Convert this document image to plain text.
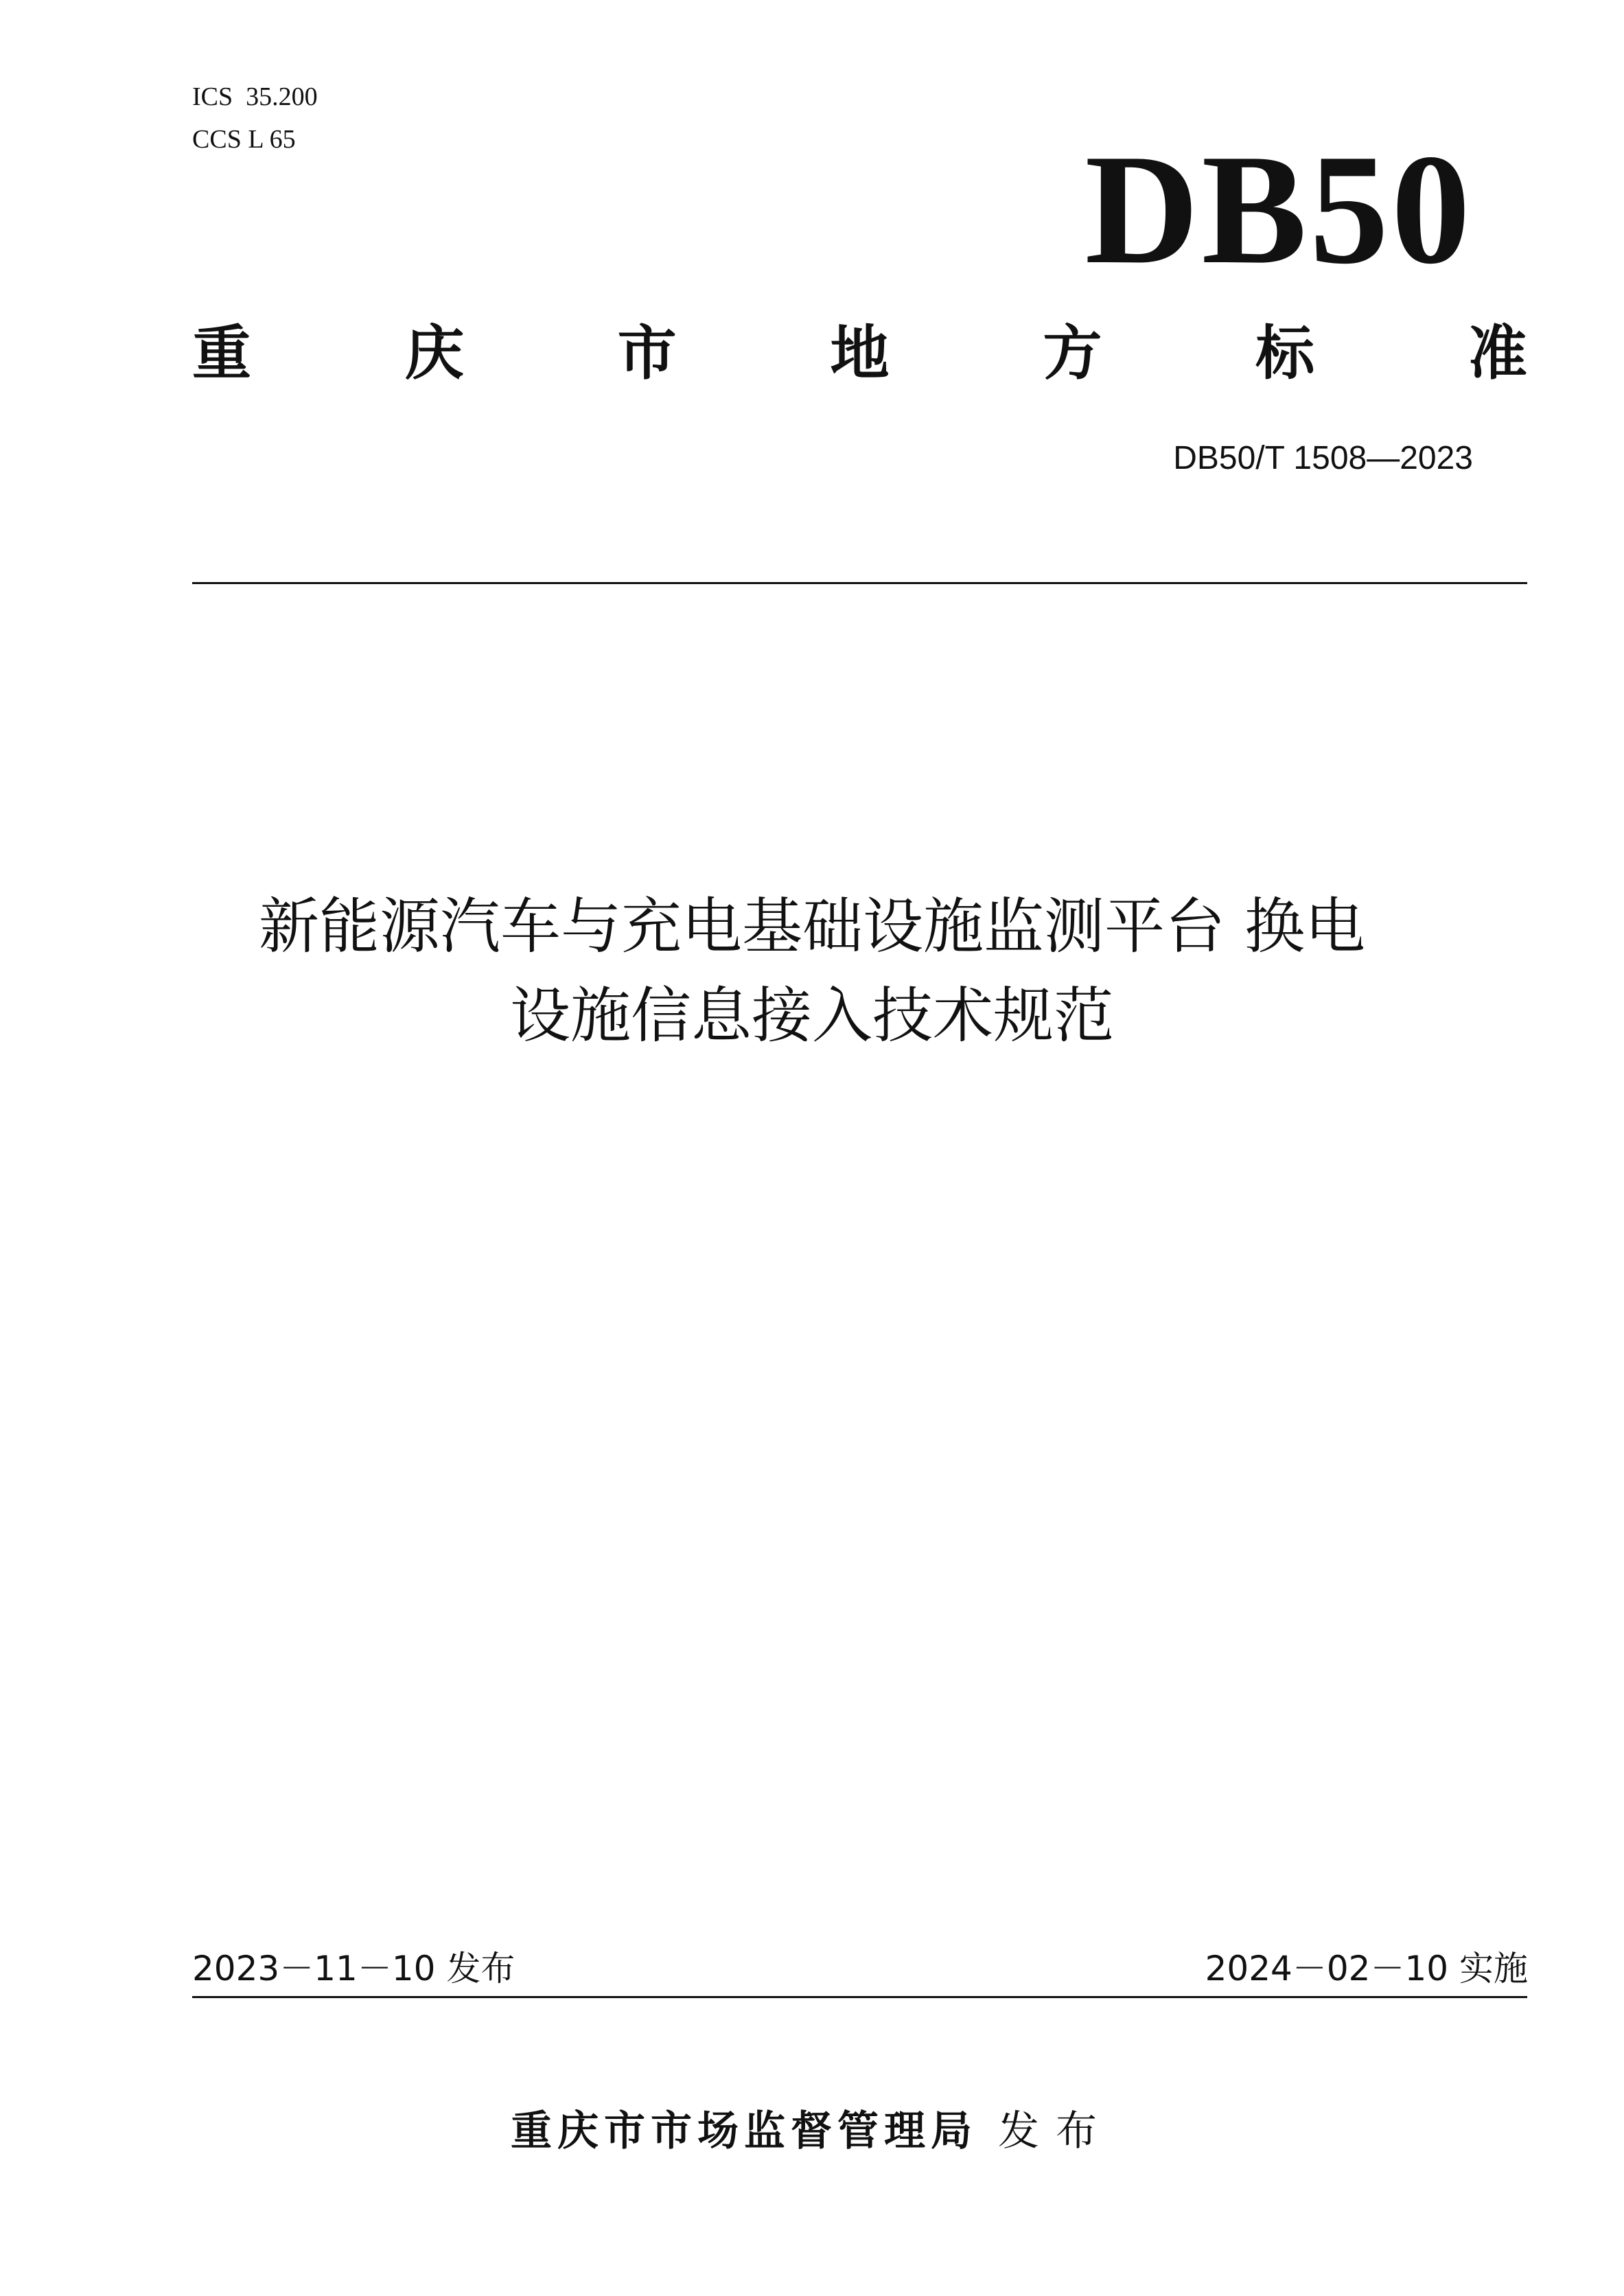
ICS  35.200
CCS L 65	DB50
重	庆	市	地	方	标	准
DB50/T 1508—2023
新能源汽车与充电基础设施监测平台 换电
设施信息接入技术规范
2023－11－10 发布	2024－02－10 实施
重庆市市场监督管理局 发布
